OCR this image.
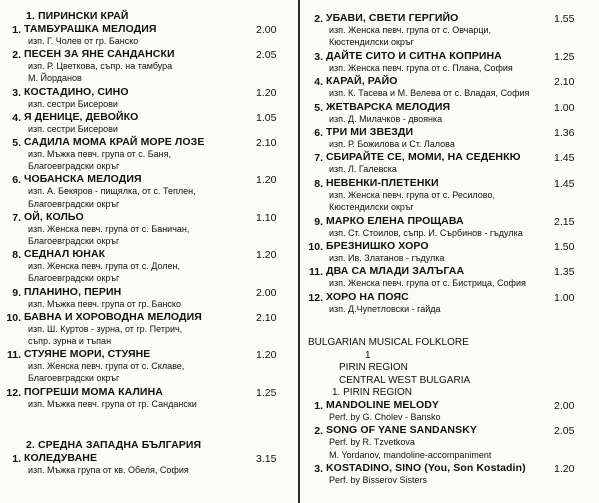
1. ПИРИНСКИ КРАЙ
1. ТАМБУРАШКА МЕЛОДИЯ	2.00
изп. Г. Чолев от гр. Банско
2. ПЕСЕН ЗА ЯНЕ САНДАНСКИ	2.05
изп. Р. Цветкова, съпр. на тамбура
М. Йорданов
3. КОСТАДИНО, СИНО	1.20
изп. сестри Бисерови
4. Я ДЕНИЦЕ, ДЕВОЙКО	1.05
изп. сестри Бисерови
5. САДИЛА МОМА КРАЙ МОРЕ ЛОЗЕ	2.10
изп. Мъжка певч. група от с. Баня,
Благоевградски окръг
6. ЧОБАНСКА МЕЛОДИЯ	1.20
изп. А. Бекяров - пищялка, от с. Теплен,
Благоевградски окръг
7. ОЙ, КОЛЬО	1.10
изп. Женска певч. група от с. Баничан,
Благоевградски окръг
8. СЕДНАЛ ЮНАК	1.20
изп. Женска певч. група от с. Долен,
Благоевградски окръг
9. ПЛАНИНО, ПЕРИН	2.00
изп. Мъжка певч. група от гр. Банско
10. БАВНА И ХОРОВОДНА МЕЛОДИЯ	2.10
изп. Ш. Куртов - зурна, от гр. Петрич,
съпр. зурна и тъпан
11. СТУЯНЕ МОРИ, СТУЯНЕ	1.20
изп. Женска певч. група от с. Склаве,
Благоевградски окръг
12. ПОГРЕШИ МОМА КАЛИНА	1.25
изп. Мъжка певч. група от гр. Сандански
2. СРЕДНА ЗАПАДНА БЪЛГАРИЯ
1. КОЛЕДУВАНЕ	3.15
изп. Мъжка група от кв. Обеля, София
2. УБАВИ, СВЕТИ ГЕРГИЙО	1.55
изп. Женска певч. група от с. Овчарци,
Кюстендилски окръг
3. ДАЙТЕ СИТО И СИТНА КОПРИНА	1.25
изп. Женска певч. група от с. Плана, София
4. КАРАЙ, РАЙО	2.10
изп. К. Тасева и М. Велева от с. Владая, София
5. ЖЕТВАРСКА МЕЛОДИЯ	1.00
изп. Д. Милачков - двоянка
6. ТРИ МИ ЗВЕЗДИ	1.36
изп. Р. Божилова и Ст. Лалова
7. СБИРАЙТЕ СЕ, МОМИ, НА СЕДЕНКЮ	1.45
изп. Л. Галевска
8. НЕВЕНКИ-ПЛЕТЕНКИ	1.45
изп. Женска певч. група от с. Ресилово,
Кюстендилски окръг
9. МАРКО ЕЛЕНА ПРОЩАВА	2.15
изп. Ст. Стоилов, съпр. И. Сърбинов - гъдулка
10. БРЕЗНИШКО ХОРО	1.50
изп. Ив. Златанов - гъдулка
11. ДВА СА МЛАДИ ЗАЛЪГАА	1.35
изп. Женска певч. група от с. Бистрица, София
12. ХОРО НА ПОЯС	1.00
изп. Д.Чупетловски - гайда
BULGARIAN MUSICAL FOLKLORE
1
PIRIN REGION
CENTRAL WEST BULGARIA
1. PIRIN REGION
1. MANDOLINE MELODY	2.00
Perf. by G. Cholev - Bansko
2. SONG OF YANE SANDANSKY	2.05
Perf. by R. Tzvetkova
M. Yordanov, mandoline-accompaniment
3. KOSTADINO, SINO (You, Son Kostadin)	1.20
Perf. by Bisserov Sisters
